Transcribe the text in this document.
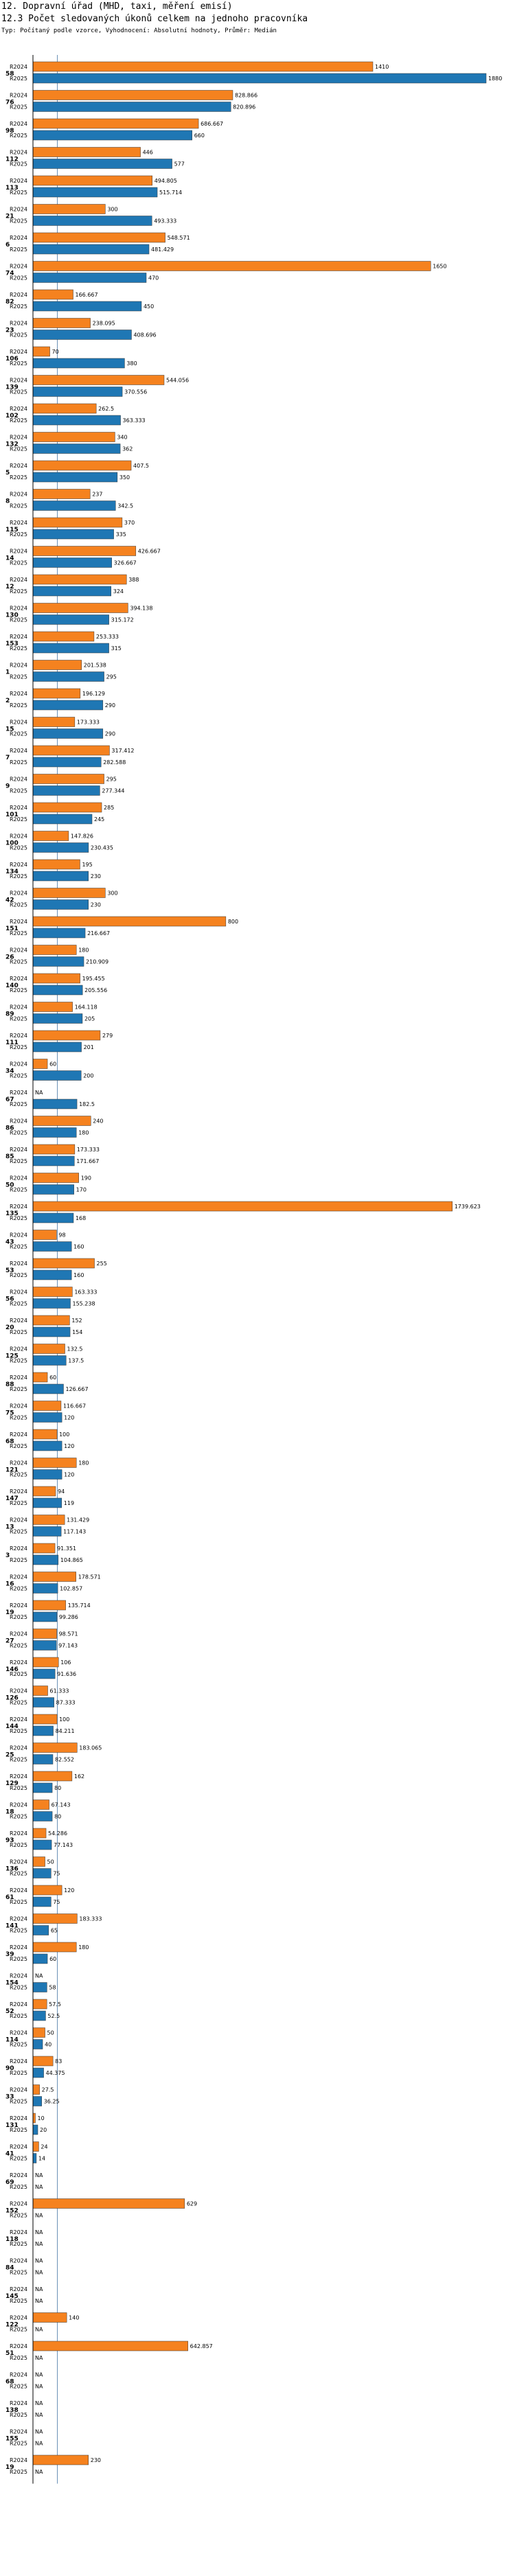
12. Dopravní úřad (MHD, taxi, měření emisí)
12.3 Počet sledovaných úkonů celkem na jednoho pracovníka
Typ: Počítaný podle vzorce, Vyhodnocení: Absolutní hodnoty, Průměr: Medián
58
R2024
R2025
1410
1880
76
R2024
R2025
828.866
820.896
98
R2024
R2025
686.667
660
112
R2024
R2025
446
577
113
R2024
R2025
494.805
515.714
21
R2024
R2025
300
493.333
6
R2024
R2025
548.571
481.429
74
R2024
R2025
1650
470
82
R2024
R2025
166.667
450
23
R2024
R2025
238.095
408.696
106
R2024
R2025
70
380
139
R2024
R2025
544.056
370.556
102
R2024
R2025
262.5
363.333
132
R2024
R2025
340
362
5
R2024
R2025
407.5
350
8
R2024
R2025
237
342.5
115
R2024
R2025
370
335
14
R2024
R2025
426.667
326.667
12
R2024
R2025
388
324
130
R2024
R2025
394.138
315.172
153
R2024
R2025
253.333
315
1
R2024
R2025
201.538
295
2
R2024
R2025
196.129
290
15
R2024
R2025
173.333
290
7
R2024
R2025
317.412
282.588
9
R2024
R2025
295
277.344
101
R2024
R2025
285
245
100
R2024
R2025
147.826
230.435
134
R2024
R2025
195
230
42
R2024
R2025
300
230
151
R2024
R2025
800
216.667
26
R2024
R2025
180
210.909
140
R2024
R2025
195.455
205.556
89
R2024
R2025
164.118
205
111
R2024
R2025
279
201
34
R2024
R2025
60
200
67
R2024
R2025
NA
182.5
86
R2024
R2025
240
180
85
R2024
R2025
173.333
171.667
50
R2024
R2025
190
170
135
R2024
R2025
1739.623
168
43
R2024
R2025
98
160
53
R2024
R2025
255
160
56
R2024
R2025
163.333
155.238
20
R2024
R2025
152
154
125
R2024
R2025
132.5
137.5
88
R2024
R2025
60
126.667
75
R2024
R2025
116.667
120
68
R2024
R2025
100
120
121
R2024
R2025
180
120
147
R2024
R2025
94
119
13
R2024
R2025
131.429
117.143
3
R2024
R2025
91.351
104.865
16
R2024
R2025
178.571
102.857
19
R2024
R2025
135.714
99.286
27
R2024
R2025
98.571
97.143
146
R2024
R2025
106
91.636
126
R2024
R2025
61.333
87.333
144
R2024
R2025
100
84.211
25
R2024
R2025
183.065
82.552
129
R2024
R2025
162
80
18
R2024
R2025
67.143
80
93
R2024
R2025
54.286
77.143
136
R2024
R2025
50
75
61
R2024
R2025
120
75
141
R2024
R2025
183.333
65
39
R2024
R2025
180
60
154
R2024
R2025
NA
58
52
R2024
R2025
57.5
52.5
114
R2024
R2025
50
40
90
R2024
R2025
83
44.375
33
R2024
R2025
27.5
36.25
131
R2024
R2025
10
20
41
R2024
R2025
24
14
69
R2024
R2025
NA
NA
152
R2024
R2025
629
NA
118
R2024
R2025
NA
NA
84
R2024
R2025
NA
NA
145
R2024
R2025
NA
NA
122
R2024
R2025
140
NA
51
R2024
R2025
642.857
NA
68
R2024
R2025
NA
NA
138
R2024
R2025
NA
NA
155
R2024
R2025
NA
NA
19
R2024
R2025
230
NA
